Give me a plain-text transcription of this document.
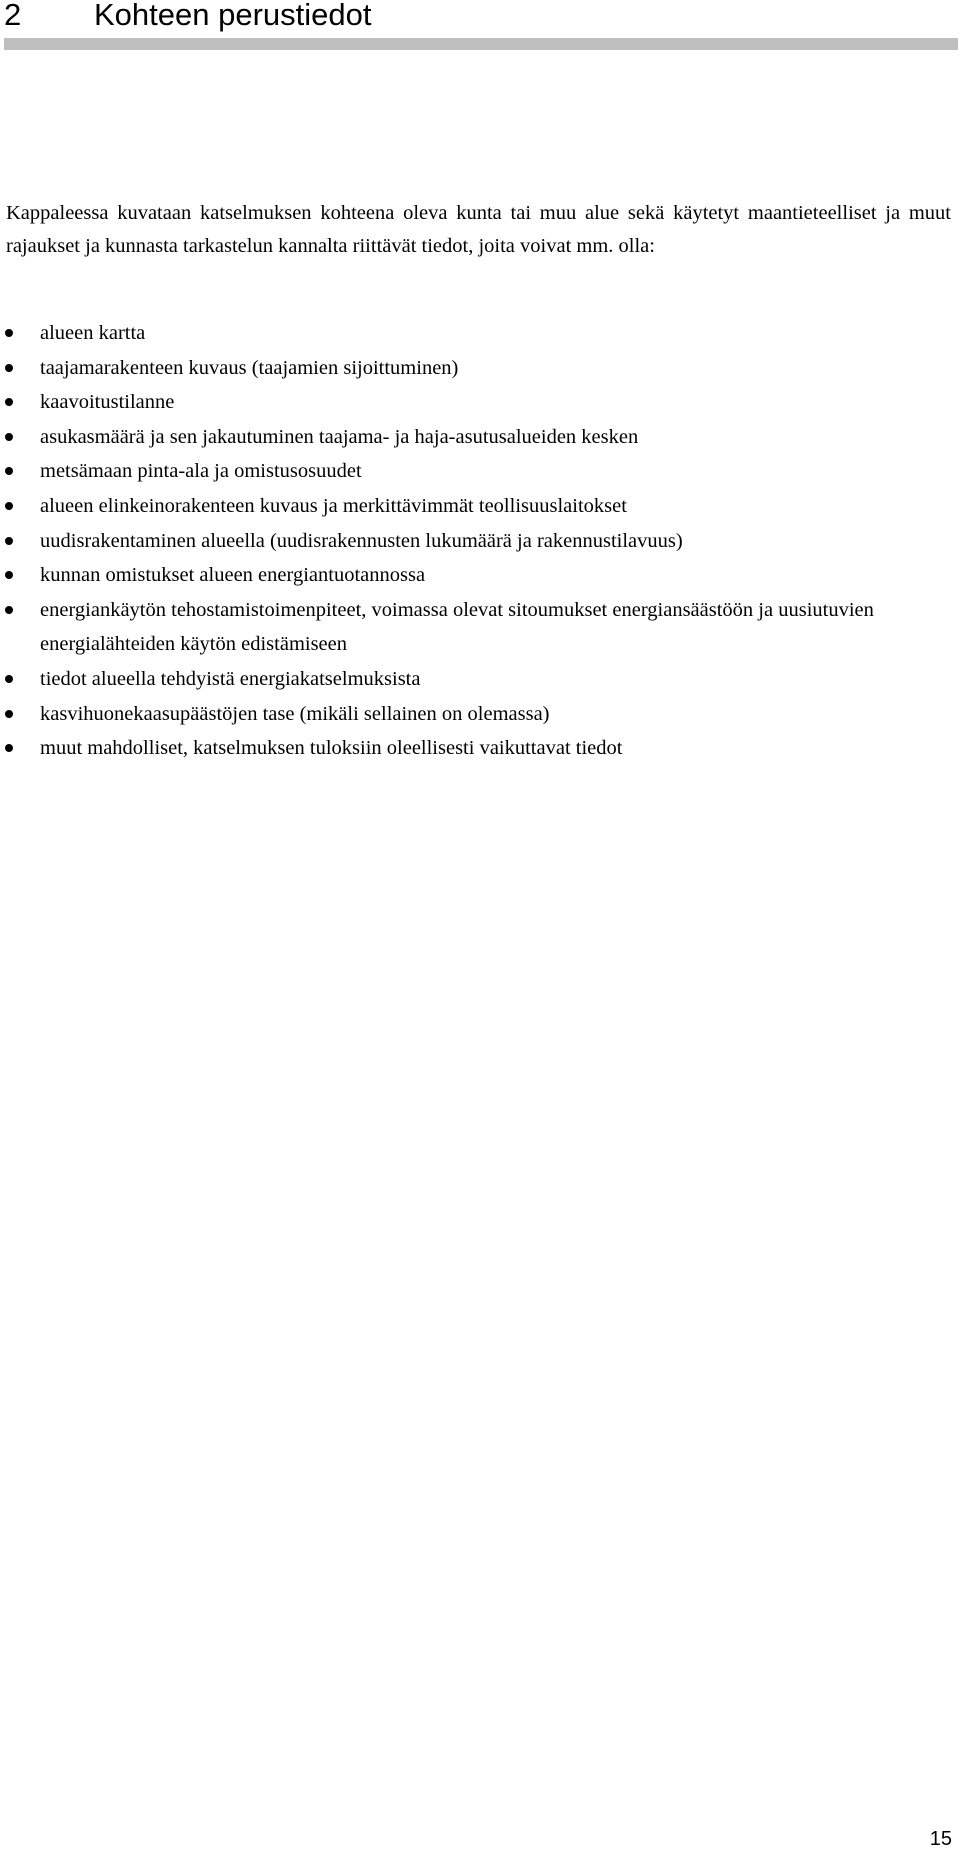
2 Kohteen perustiedot

Kappaleessa kuvataan katselmuksen kohteena oleva kunta tai muu alue sekä käytetyt maantieteelliset ja muut rajaukset ja kunnasta tarkastelun kannalta riittävät tiedot, joita voivat mm. olla:

alueen kartta
taajamarakenteen kuvaus (taajamien sijoittuminen)
kaavoitustilanne
asukasmäärä ja sen jakautuminen taajama- ja haja-asutusalueiden kesken
metsämaan pinta-ala ja omistusosuudet
alueen elinkeinorakenteen kuvaus ja merkittävimmät teollisuuslaitokset
uudisrakentaminen alueella (uudisrakennusten lukumäärä ja rakennustilavuus)
kunnan omistukset alueen energiantuotannossa
energiankäytön tehostamistoimenpiteet, voimassa olevat sitoumukset energiansäästöön ja uusiutuvien energialähteiden käytön edistämiseen
tiedot alueella tehdyistä energiakatselmuksista
kasvihuonekaasupäästöjen tase (mikäli sellainen on olemassa)
muut mahdolliset, katselmuksen tuloksiin oleellisesti vaikuttavat tiedot
15
